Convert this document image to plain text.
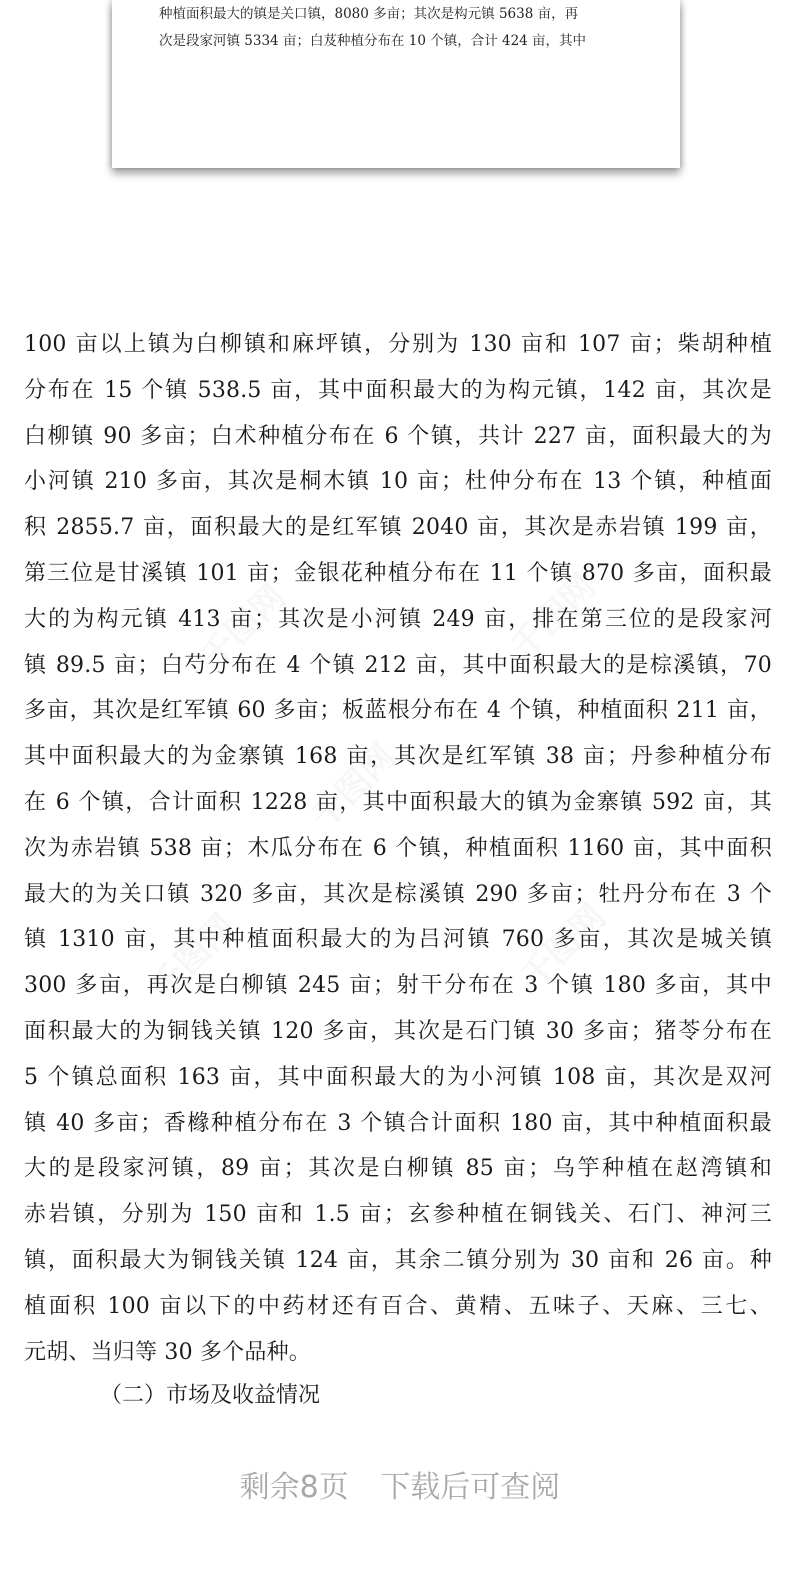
种植面积最大的镇是关口镇，8080 多亩；其次是构元镇 5638 亩，再

次是段家河镇 5334 亩；白芨种植分布在 10 个镇，合计 424 亩，其中

100 亩以上镇为白柳镇和麻坪镇，分别为 130 亩和 107 亩；柴胡种植
分布在 15 个镇 538.5 亩，其中面积最大的为构元镇，142 亩，其次是
白柳镇 90 多亩；白术种植分布在 6 个镇，共计 227 亩，面积最大的为
小河镇 210 多亩，其次是桐木镇 10 亩；杜仲分布在 13 个镇，种植面
积 2855.7 亩，面积最大的是红军镇 2040 亩，其次是赤岩镇 199 亩，
第三位是甘溪镇 101 亩；金银花种植分布在 11 个镇 870 多亩，面积最
大的为构元镇 413 亩；其次是小河镇 249 亩，排在第三位的是段家河
镇 89.5 亩；白芍分布在 4 个镇 212 亩，其中面积最大的是棕溪镇，70
多亩，其次是红军镇 60 多亩；板蓝根分布在 4 个镇，种植面积 211 亩，
其中面积最大的为金寨镇 168 亩，其次是红军镇 38 亩；丹参种植分布
在 6 个镇，合计面积 1228 亩，其中面积最大的镇为金寨镇 592 亩，其
次为赤岩镇 538 亩；木瓜分布在 6 个镇，种植面积 1160 亩，其中面积
最大的为关口镇 320 多亩，其次是棕溪镇 290 多亩；牡丹分布在 3 个
镇 1310 亩，其中种植面积最大的为吕河镇 760 多亩，其次是城关镇
300 多亩，再次是白柳镇 245 亩；射干分布在 3 个镇 180 多亩，其中
面积最大的为铜钱关镇 120 多亩，其次是石门镇 30 多亩；猪苓分布在
5 个镇总面积 163 亩，其中面积最大的为小河镇 108 亩，其次是双河
镇 40 多亩；香橼种植分布在 3 个镇合计面积 180 亩，其中种植面积最
大的是段家河镇，89 亩；其次是白柳镇 85 亩；乌竽种植在赵湾镇和
赤岩镇，分别为 150 亩和 1.5 亩；玄参种植在铜钱关、石门、神河三
镇，面积最大为铜钱关镇 124 亩，其余二镇分别为 30 亩和 26 亩。种
植面积 100 亩以下的中药材还有百合、黄精、五味子、天麻、三七、
元胡、当归等 30 多个品种。
（二）市场及收益情况
剩余8页 下载后可查阅
